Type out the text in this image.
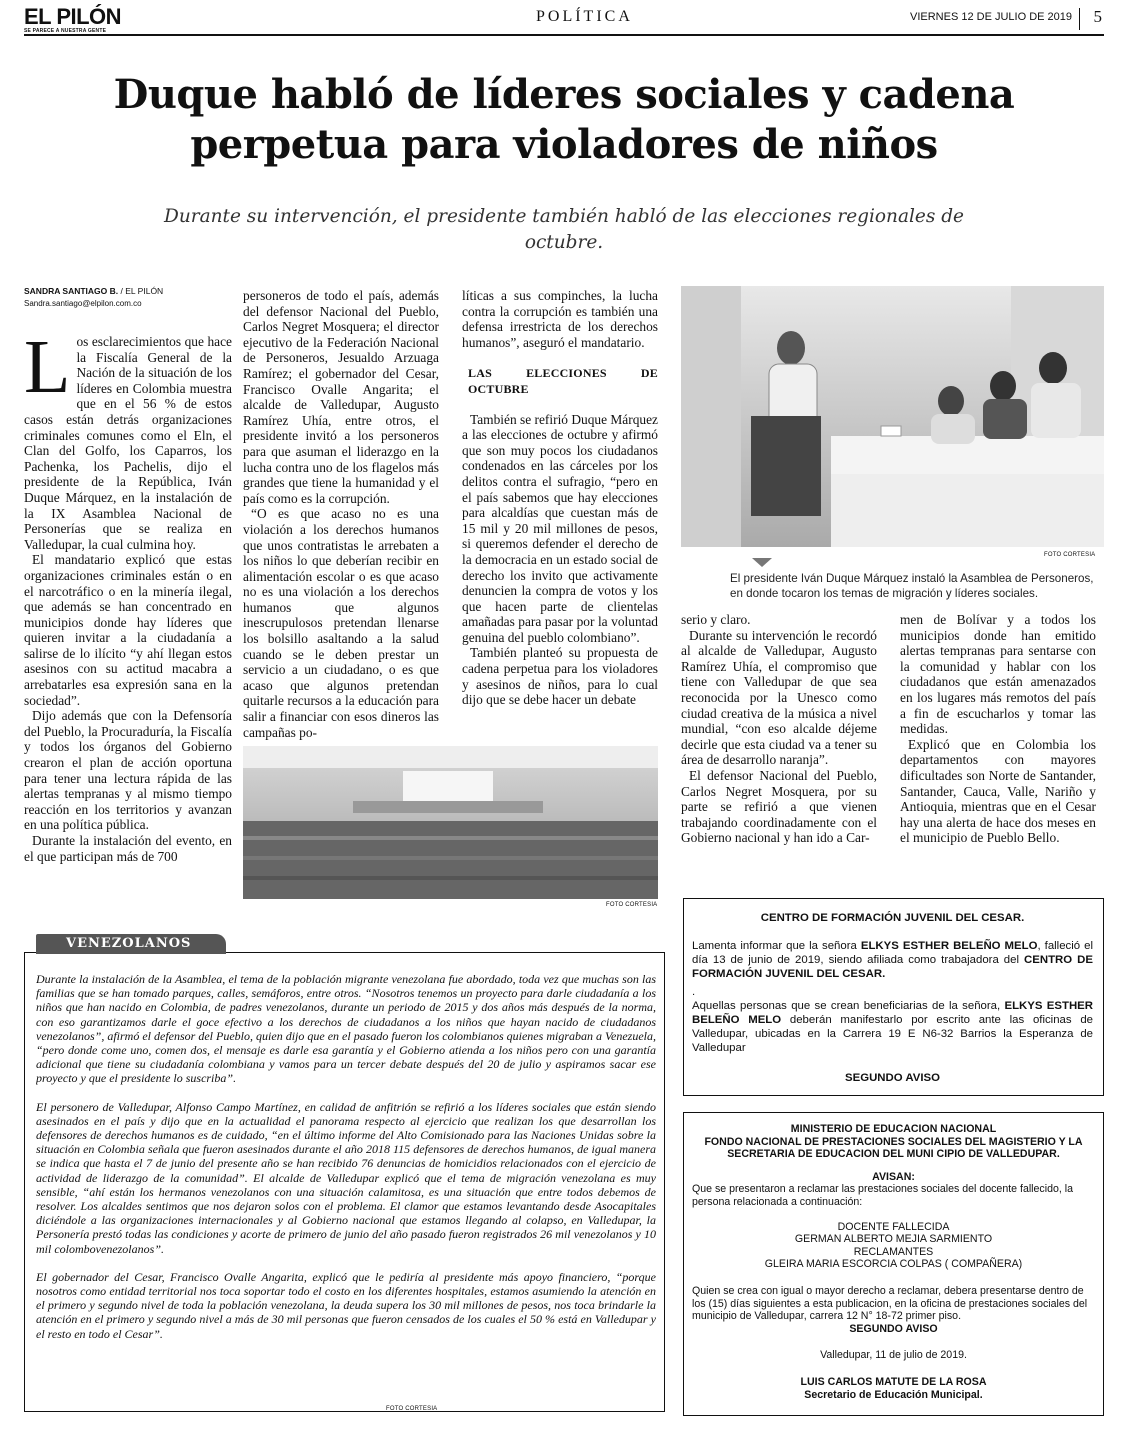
EL PILÓN
SE PARECE A NUESTRA GENTE
POLÍTICA	VIERNES 12 DE JULIO DE 2019 5
Duque habló de líderes sociales y cadena perpetua para violadores de niños
Durante su intervención, el presidente también habló de las elecciones regionales de octubre.
SANDRA SANTIAGO B. / EL PILÓN
Sandra.santiago@elpilon.com.co

Los esclarecimientos que hace la Fiscalía General de la Nación de la situación de los líderes en Colombia muestra que en el 56 % de estos casos están detrás organizaciones criminales comunes como el Eln, el Clan del Golfo, los Caparros, los Pachenka, los Pachelis, dijo el presidente de la República, Iván Duque Márquez, en la instalación de la IX Asamblea Nacional de Personerías que se realiza en Valledupar, la cual culmina hoy.

El mandatario explicó que estas organizaciones criminales están o en el narcotráfico o en la minería ilegal, que además se han concentrado en municipios donde hay líderes que quieren invitar a la ciudadanía a salirse de lo ilícito “y ahí llegan estos asesinos con su actitud macabra a arrebatarles esa expresión sana en la sociedad”.

Dijo además que con la Defensoría del Pueblo, la Procuraduría, la Fiscalía y todos los órganos del Gobierno crearon el plan de acción oportuna para tener una lectura rápida de las alertas tempranas y al mismo tiempo reacción en los territorios y avanzan en una política pública.

Durante la instalación del evento, en el que participan más de 700

personeros de todo el país, además del defensor Nacional del Pueblo, Carlos Negret Mosquera; el director ejecutivo de la Federación Nacional de Personeros, Jesualdo Arzuaga Ramírez; el gobernador del Cesar, Francisco Ovalle Angarita; el alcalde de Valledupar, Augusto Ramírez Uhía, entre otros, el presidente invitó a los personeros para que asuman el liderazgo en la lucha contra uno de los flagelos más grandes que tiene la humanidad y el país como es la corrupción.

“O es que acaso no es una violación a los derechos humanos que unos contratistas le arrebaten a los niños lo que deberían recibir en alimentación escolar o es que acaso no es una violación a los derechos humanos que algunos inescrupulosos pretendan llenarse los bolsillo asaltando a la salud cuando se le deben prestar un servicio a un ciudadano, o es que acaso que algunos pretendan quitarle recursos a la educación para salir a financiar con esos dineros las campañas po-

líticas a sus compinches, la lucha contra la corrupción es también una defensa irrestricta de los derechos humanos”, aseguró el mandatario.

LAS ELECCIONES DE OCTUBRE

También se refirió Duque Márquez a las elecciones de octubre y afirmó que son muy pocos los ciudadanos condenados en las cárceles por los delitos contra el sufragio, “pero en el país sabemos que hay elecciones para alcaldías que cuestan más de 15 mil y 20 mil millones de pesos, si queremos defender el derecho de la democracia en un estado social de derecho los invito que activamente denuncien la compra de votos y los que hacen parte de clientelas amañadas para pasar por la voluntad genuina del pueblo colombiano”.

También planteó su propuesta de cadena perpetua para los violadores y asesinos de niños, para lo cual dijo que se debe hacer un debate

FOTO CORTESIA
El presidente Iván Duque Márquez instaló la Asamblea de Personeros, en donde tocaron los temas de migración y líderes sociales.
FOTO CORTESIA

serio y claro.

Durante su intervención le recordó al alcalde de Valledupar, Augusto Ramírez Uhía, el compromiso que tiene con Valledupar de que sea reconocida por la Unesco como ciudad creativa de la música a nivel mundial, “con eso alcalde déjeme decirle que esta ciudad va a tener su área de desarrollo naranja”.

El defensor Nacional del Pueblo, Carlos Negret Mosquera, por su parte se refirió a que vienen trabajando coordinadamente con el Gobierno nacional y han ido a Car-

men de Bolívar y a todos los municipios donde han emitido alertas tempranas para sentarse con la comunidad y hablar con los ciudadanos que están amenazados en los lugares más remotos del país a fin de escucharlos y tomar las medidas.

Explicó que en Colombia los departamentos con mayores dificultades son Norte de Santander, Santander, Cauca, Valle, Nariño y Antioquia, mientras que en el Cesar hay una alerta de hace dos meses en el municipio de Pueblo Bello.

VENEZOLANOS

Durante la instalación de la Asamblea, el tema de la población migrante venezolana fue abordado, toda vez que muchas son las familias que se han tomado parques, calles, semáforos, entre otros. “Nosotros tenemos un proyecto para darle ciudadanía a los niños que han nacido en Colombia, de padres venezolanos, durante un periodo de 2015 y dos años más después de la norma, con eso garantizamos darle el goce efectivo a los derechos de ciudadanos a los niños que hayan nacido de ciudadanos venezolanos”, afirmó el defensor del Pueblo, quien dijo que en el pasado fueron los colombianos quienes migraban a Venezuela, “pero donde come uno, comen dos, el mensaje es darle esa garantía y el Gobierno atienda a los niños pero con una garantía adicional que tiene su ciudadanía colombiana y vamos para un tercer debate después del 20 de julio y aspiramos sacar ese proyecto y que el presidente lo suscriba”.

El personero de Valledupar, Alfonso Campo Martínez, en calidad de anfitrión se refirió a los líderes sociales que están siendo asesinados en el país y dijo que en la actualidad el panorama respecto al ejercicio que realizan los que desarrollan los defensores de derechos humanos es de cuidado, “en el último informe del Alto Comisionado para las Naciones Unidas sobre la situación en Colombia señala que fueron asesinados durante el año 2018 115 defensores de derechos humanos, de igual manera se indica que hasta el 7 de junio del presente año se han recibido 76 denuncias de homicidios relacionados con el ejercicio de actividad de liderazgo de la comunidad”. El alcalde de Valledupar explicó que el tema de migración venezolana es muy sensible, “ahí están los hermanos venezolanos con una situación calamitosa, es una situación que entre todos debemos de resolver. Los alcaldes sentimos que nos dejaron solos con el problema. El clamor que estamos levantando desde Asocapitales diciéndole a las organizaciones internacionales y al Gobierno nacional que estamos llegando al colapso, en Valledupar, la Personería prestó todas las condiciones y acorte de primero de junio del año pasado fueron registrados 26 mil venezolanos y 10 mil colombovenezolanos”.

El gobernador del Cesar, Francisco Ovalle Angarita, explicó que le pediría al presidente más apoyo financiero, “porque nosotros como entidad territorial nos toca soportar todo el costo en los diferentes hospitales, estamos asumiendo la atención en el primero y segundo nivel de toda la población venezolana, la deuda supera los 30 mil millones de pesos, nos toca brindarle la atención en el primero y segundo nivel a más de 30 mil personas que fueron censados de los cuales el 50 % está en Valledupar y el resto en todo el Cesar”.

FOTO CORTESIA
CENTRO DE FORMACIÓN JUVENIL DEL CESAR.
Lamenta informar que la señora ELKYS ESTHER BELEÑO MELO, falleció el día 13 de junio de 2019, siendo afiliada como trabajadora del CENTRO DE FORMACIÓN JUVENIL DEL CESAR.
.
Aquellas personas que se crean beneficiarias de la señora, ELKYS ESTHER BELEÑO MELO deberán manifestarlo por escrito ante las oficinas de Valledupar, ubicadas en la Carrera 19 E N6-32 Barrios la Esperanza de Valledupar
SEGUNDO AVISO
MINISTERIO DE EDUCACION NACIONAL
FONDO NACIONAL DE PRESTACIONES SOCIALES DEL MAGISTERIO Y LA
SECRETARIA DE EDUCACION DEL MUNI CIPIO DE VALLEDUPAR.
AVISAN:
Que se presentaron a reclamar las prestaciones sociales del docente fallecido, la persona relacionada a continuación:
DOCENTE FALLECIDA
GERMAN ALBERTO MEJIA SARMIENTO
RECLAMANTES
GLEIRA MARIA ESCORCIA COLPAS ( COMPAÑERA)
Quien se crea con igual o mayor derecho a reclamar, debera presentarse dentro de los (15) días siguientes a esta publicacion, en la oficina de prestaciones sociales del municipio de Valledupar, carrera 12 N° 18-72 primer piso.
SEGUNDO AVISO
Valledupar, 11 de julio de 2019.
LUIS CARLOS MATUTE DE LA ROSA
Secretario de Educación Municipal.
